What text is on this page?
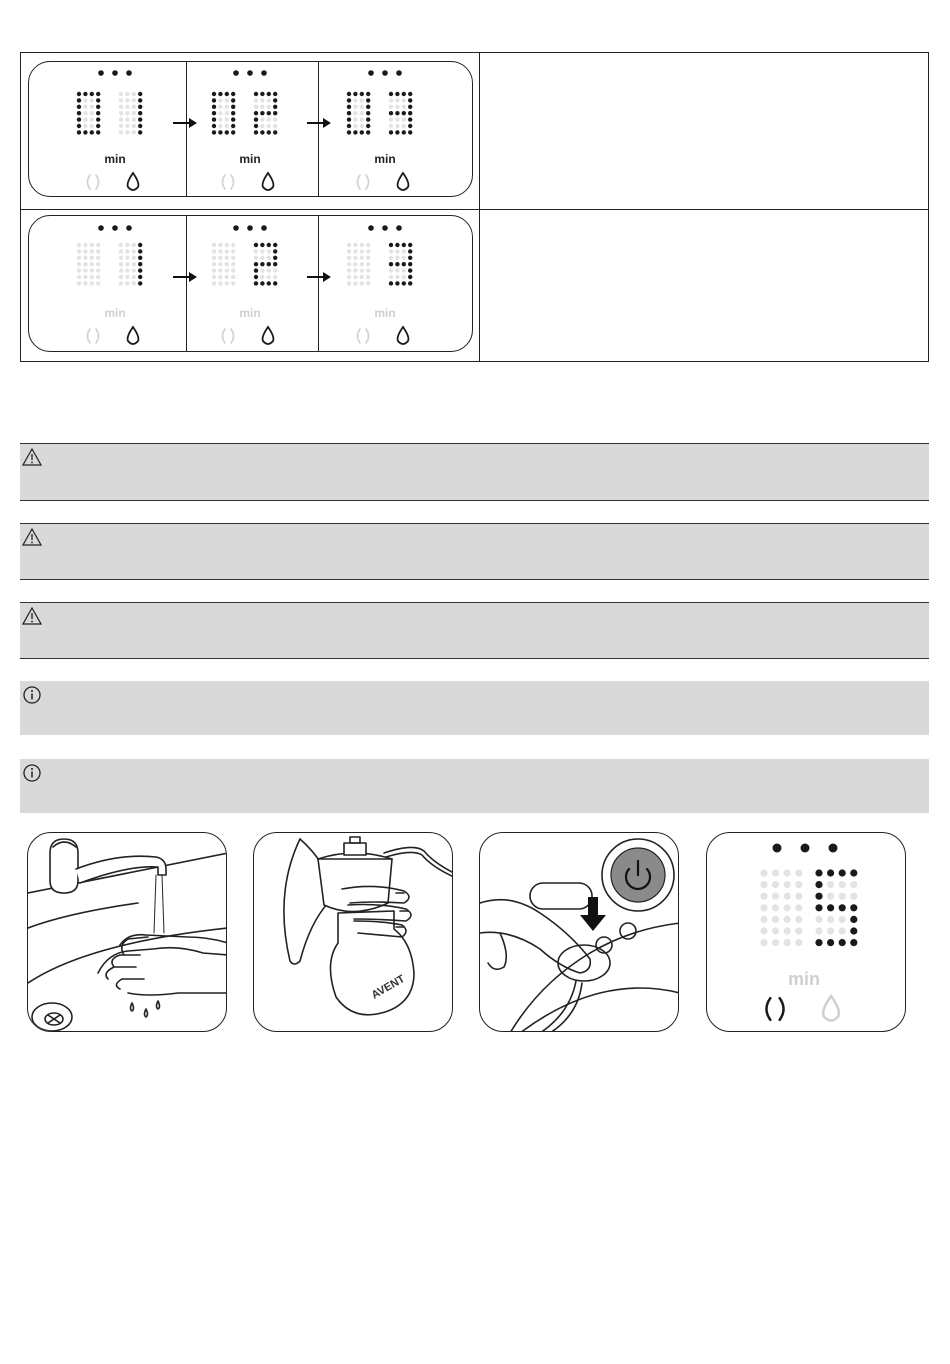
min	min	min
min	min	min
AVENT	min
